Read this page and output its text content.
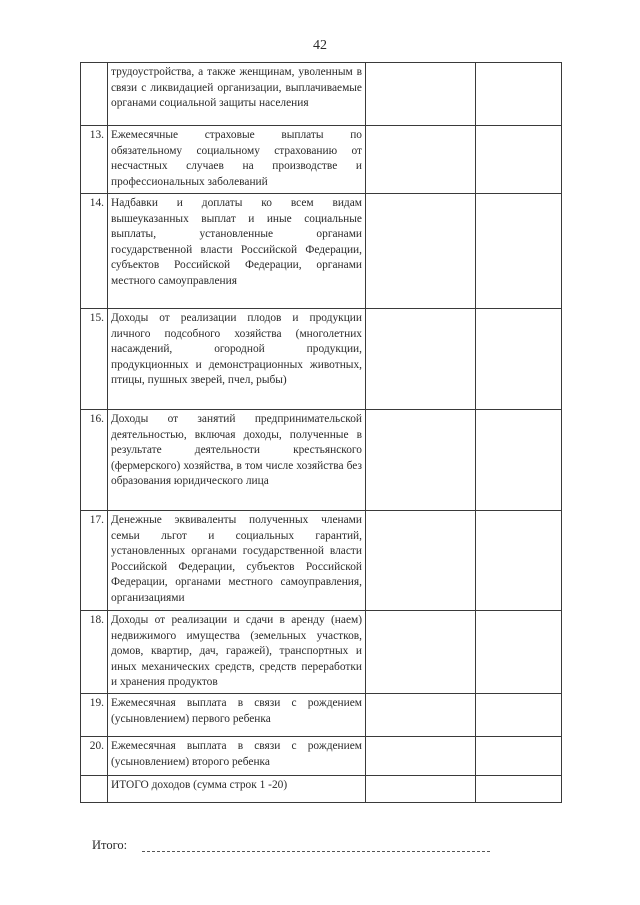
42
	трудоустройства, а также женщинам, уволенным в связи с ликвидацией организации, выплачиваемые органами социальной защиты населения		
13.	Ежемесячные страховые выплаты по обязательному социальному страхованию от несчастных случаев на производстве и профессиональных заболеваний		
14.	Надбавки и доплаты ко всем видам вышеуказанных выплат и иные социальные выплаты, установленные органами государственной власти Российской Федерации, субъектов Российской Федерации, органами местного самоуправления		
15.	Доходы от реализации плодов и продукции личного подсобного хозяйства (многолетних насаждений, огородной продукции, продукционных и демонстрационных животных, птицы, пушных зверей, пчел, рыбы)		
16.	Доходы от занятий предпринимательской деятельностью, включая доходы, полученные в результате деятельности крестьянского (фермерского) хозяйства, в том числе хозяйства без образования юридического лица		
17.	Денежные эквиваленты полученных членами семьи льгот и социальных гарантий, установленных органами государственной власти Российской Федерации, субъектов Российской Федерации, органами местного самоуправления, организациями		
18.	Доходы от реализации и сдачи в аренду (наем) недвижимого имущества (земельных участков, домов, квартир, дач, гаражей), транспортных и иных механических средств, средств переработки и хранения продуктов		
19.	Ежемесячная выплата в связи с рождением (усыновлением) первого ребенка		
20.	Ежемесячная выплата в связи с рождением (усыновлением) второго ребенка		
	ИТОГО доходов (сумма строк 1 -20)		
Итого:
